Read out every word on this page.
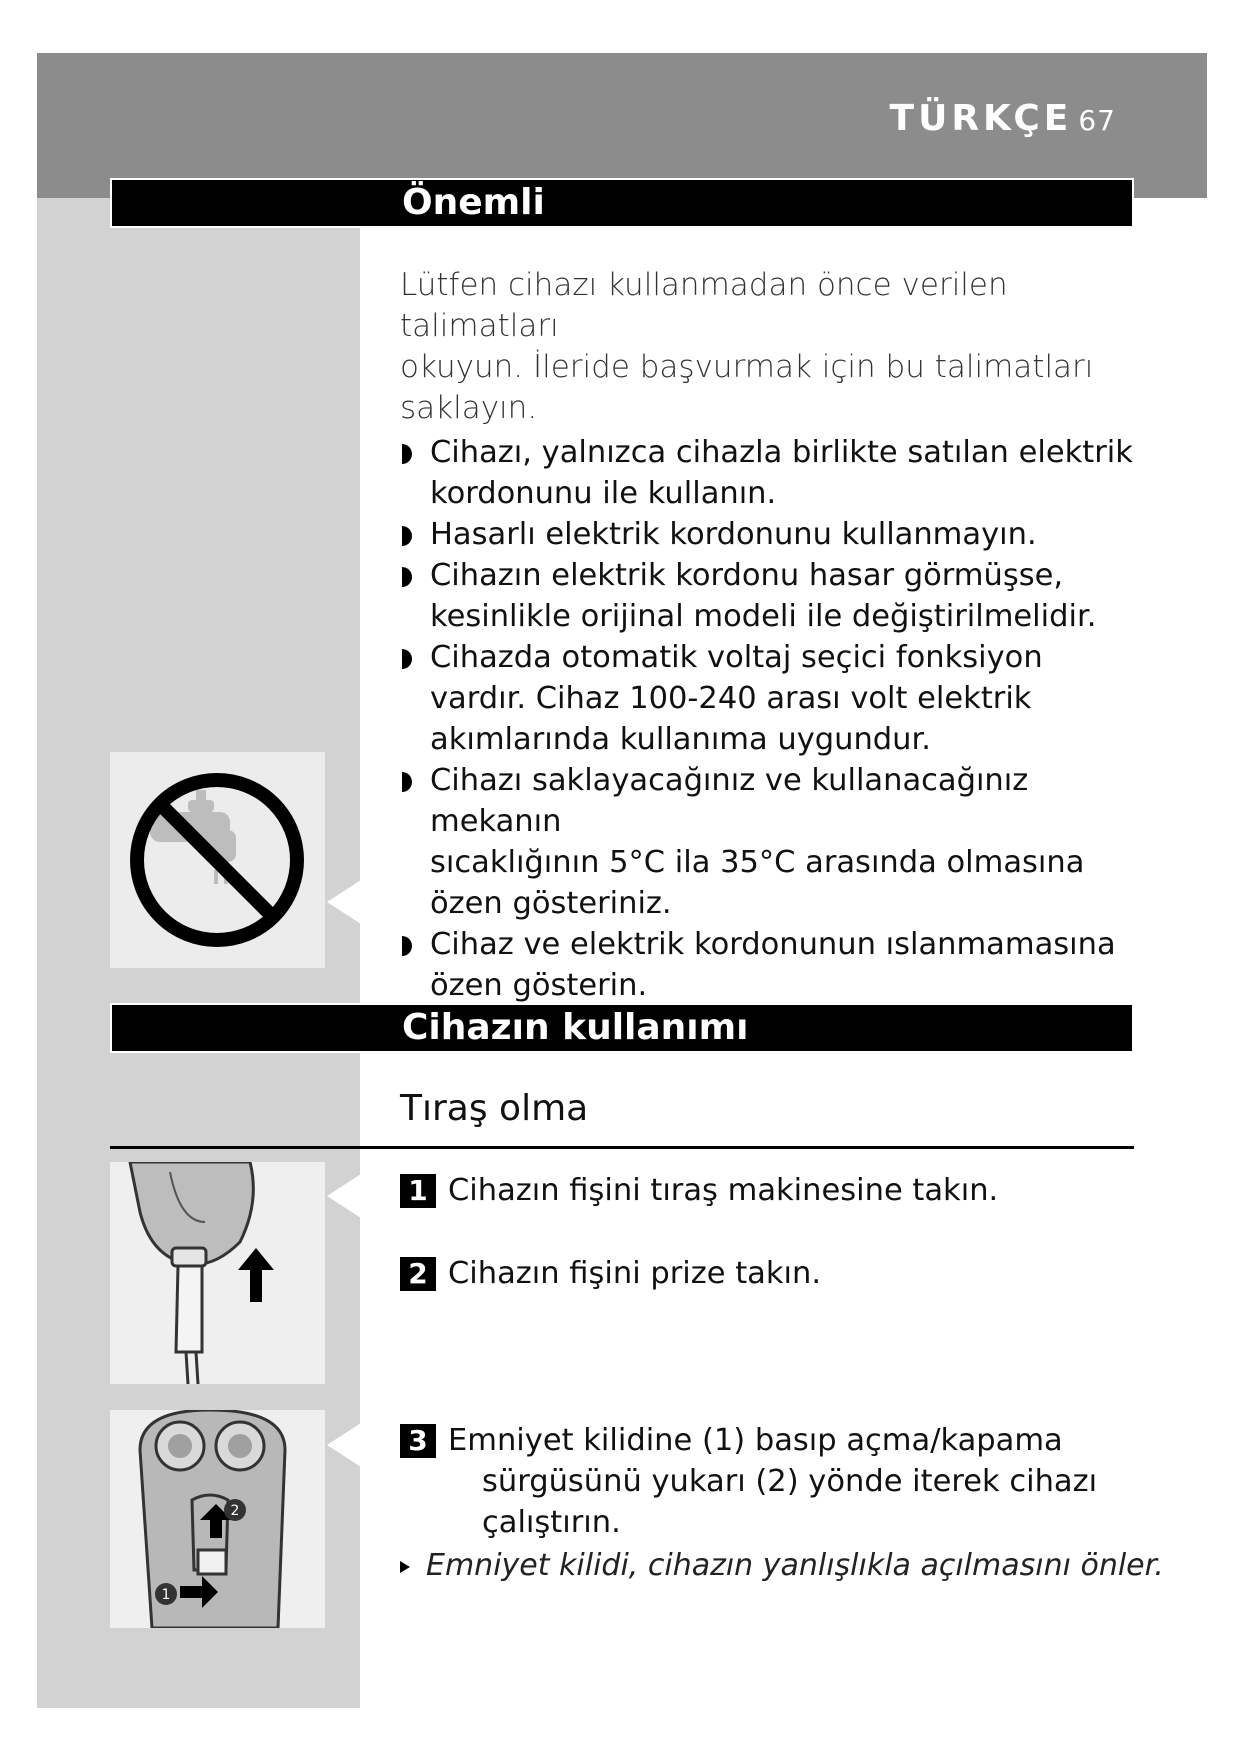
TÜRKÇE 67
Önemli
Lütfen cihazı kullanmadan önce verilen talimatları
okuyun. İleride başvurmak için bu talimatları
saklayın.
Cihazı, yalnızca cihazla birlikte satılan elektrik
kordonunu ile kullanın.
Hasarlı elektrik kordonunu kullanmayın.
Cihazın elektrik kordonu hasar görmüşse,
kesinlikle orijinal modeli ile değiştirilmelidir.
Cihazda otomatik voltaj seçici fonksiyon
vardır. Cihaz 100-240 arası volt elektrik
akımlarında kullanıma uygundur.
Cihazı saklayacağınız ve kullanacağınız mekanın
sıcaklığının 5°C ila 35°C arasında olmasına
özen gösteriniz.
Cihaz ve elektrik kordonunun ıslanmamasına
özen gösterin.
Cihazın kullanımı
Tıraş olma
1 Cihazın fişini tıraş makinesine takın.
2 Cihazın fişini prize takın.
2
1
3 Emniyet kilidine (1) basıp açma/kapama
sürgüsünü yukarı (2) yönde iterek cihazı
çalıştırın.
Emniyet kilidi, cihazın yanlışlıkla açılmasını önler.
